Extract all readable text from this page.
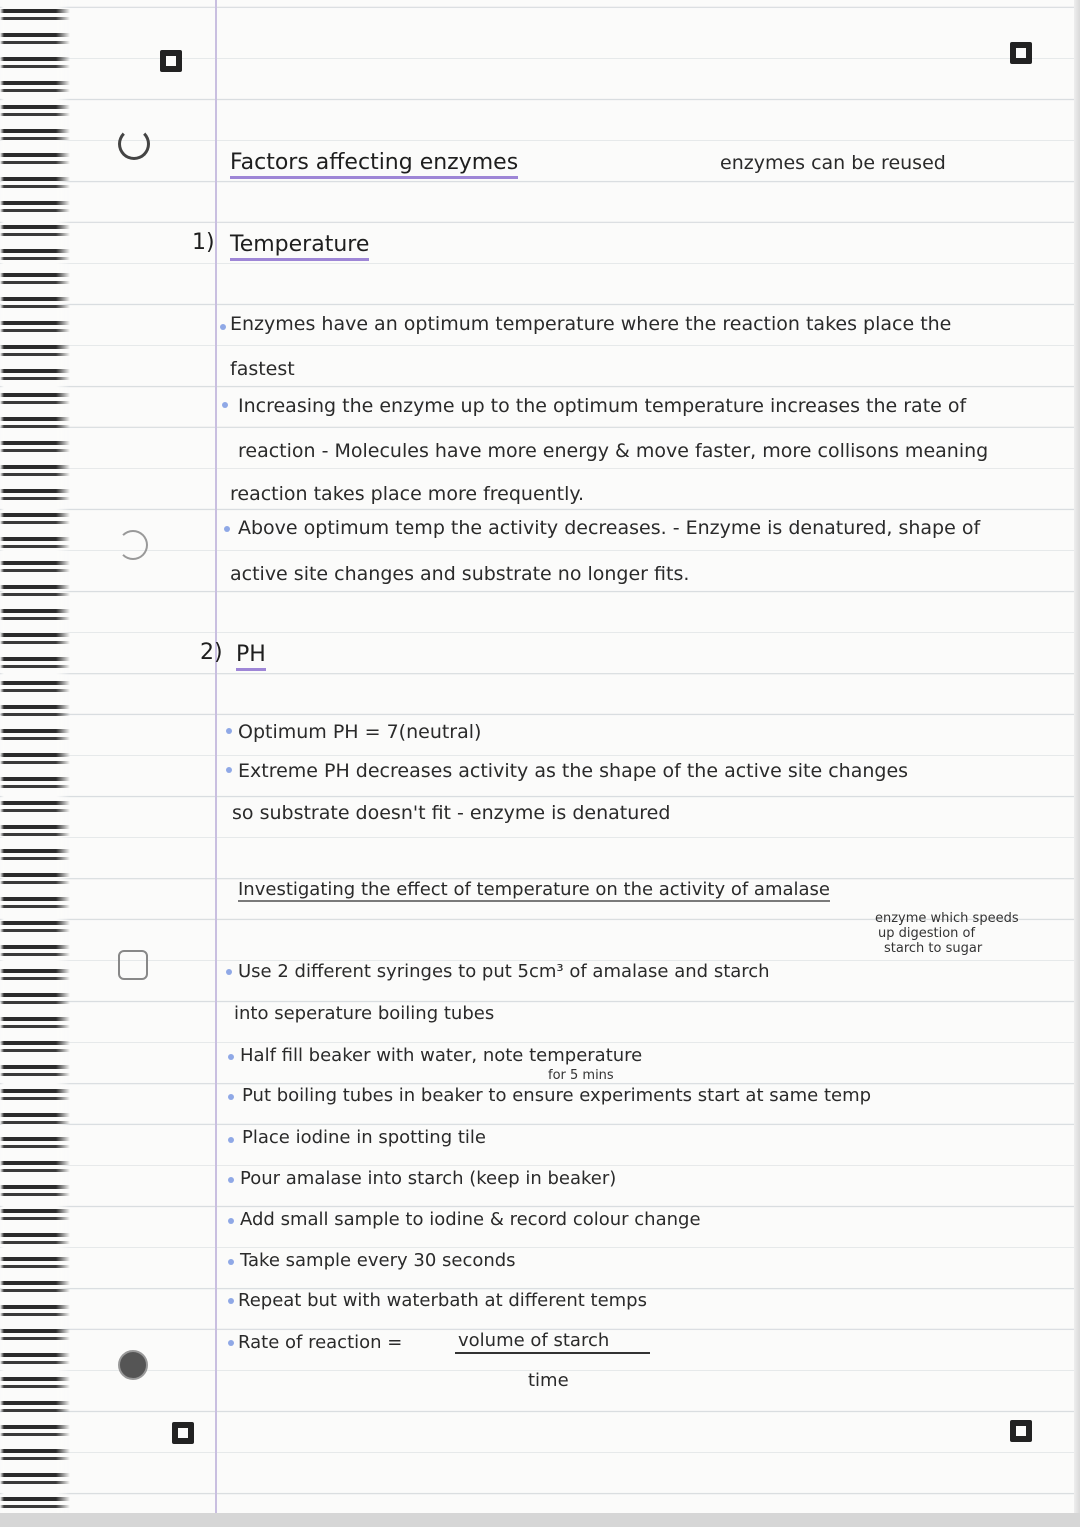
Factors affecting enzymes	enzymes can be reused
1) Temperature
Enzymes have an optimum temperature where the reaction takes place the
fastest
Increasing the enzyme up to the optimum temperature increases the rate of
reaction - Molecules have more energy & move faster, more collisons meaning
reaction takes place more frequently.
Above optimum temp the activity decreases. - Enzyme is denatured, shape of
active site changes and substrate no longer fits.
2) PH
Optimum PH = 7(neutral)
Extreme PH decreases activity as the shape of the active site changes
so substrate doesn't fit - enzyme is denatured
Investigating the effect of temperature on the activity of amalase
enzyme which speeds
up digestion of
starch to sugar
Use 2 different syringes to put 5cm³ of amalase and starch
into seperature boiling tubes
Half fill beaker with water, note temperature
for 5 mins
Put boiling tubes in beaker to ensure experiments start at same temp
Place iodine in spotting tile
Pour amalase into starch (keep in beaker)
Add small sample to iodine & record colour change
Take sample every 30 seconds
Repeat but with waterbath at different temps
Rate of reaction =	volume of starch
time
